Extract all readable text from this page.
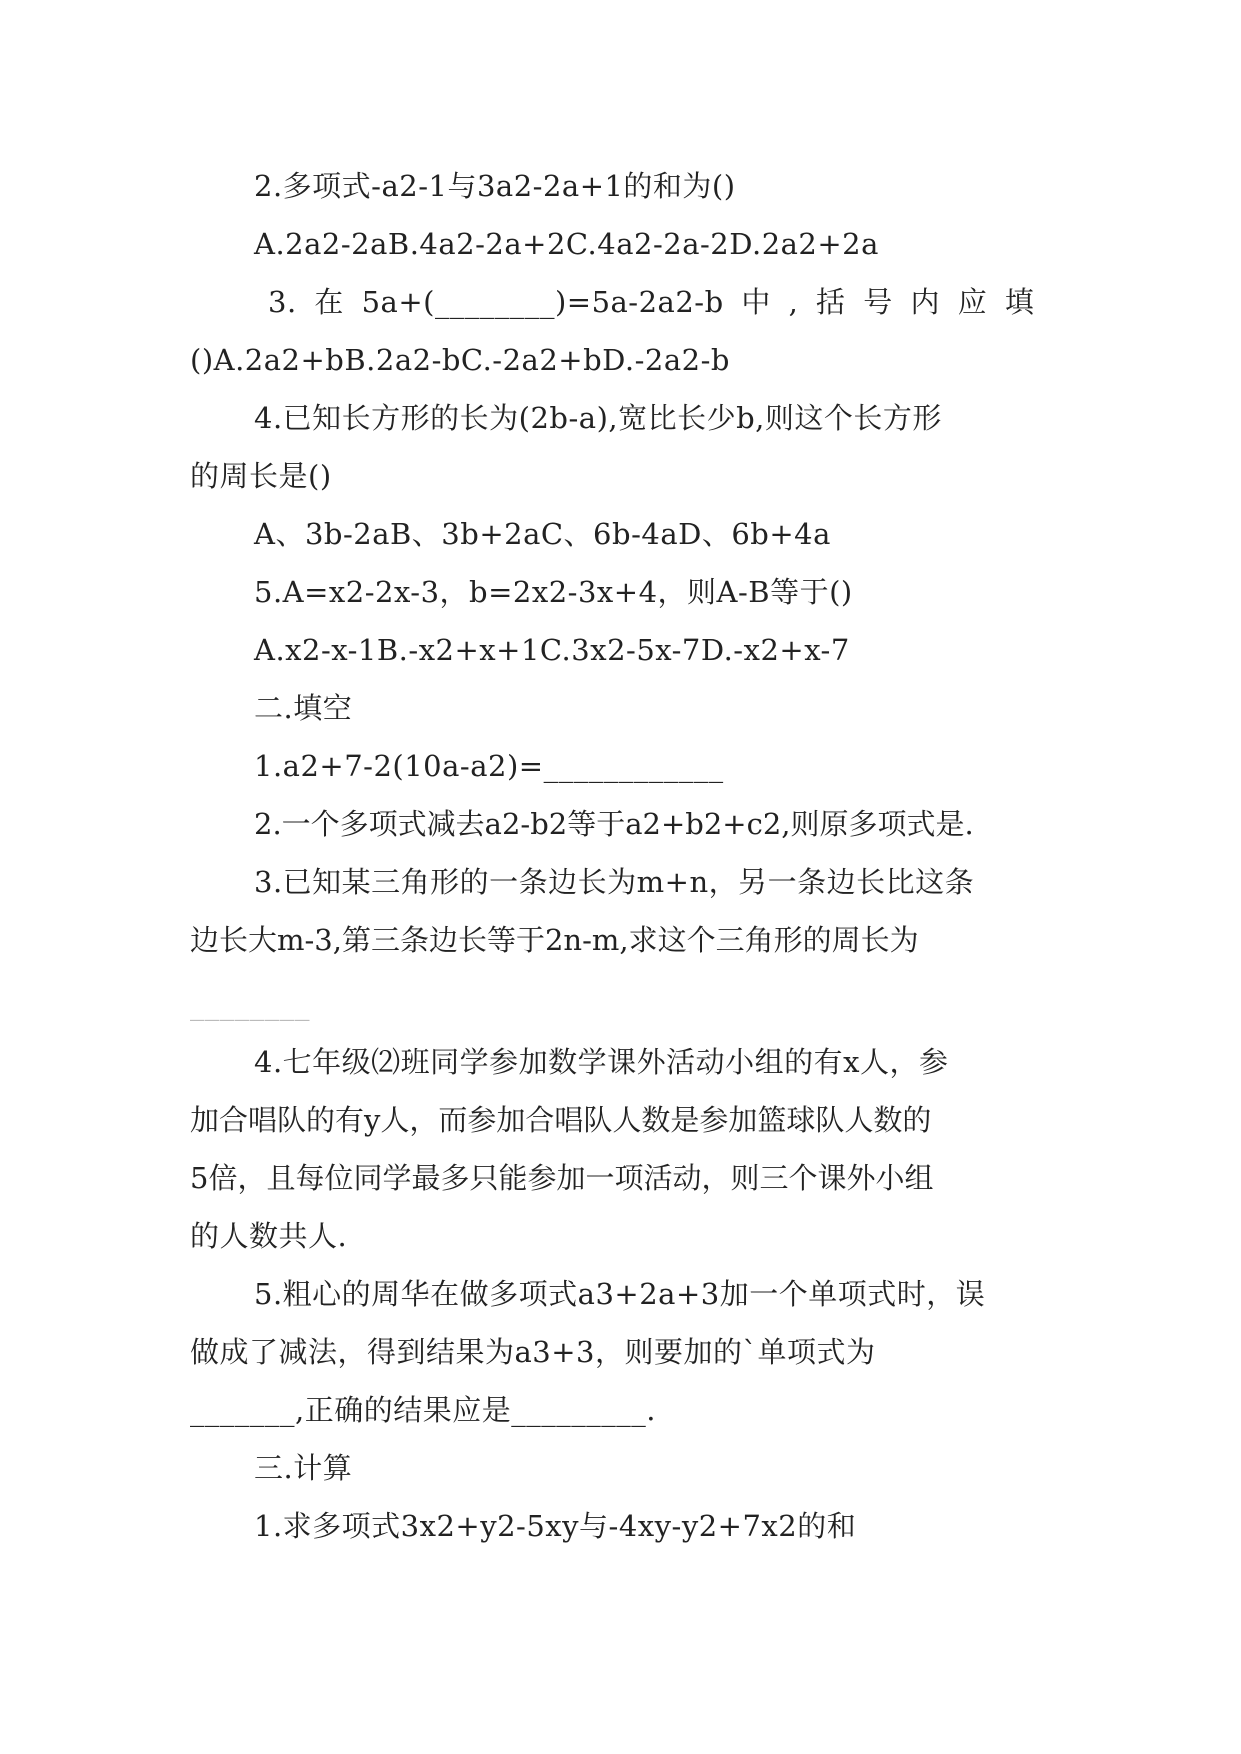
2.多项式-a2-1与3a2-2a+1的和为()
A.2a2-2aB.4a2-2a+2C.4a2-2a-2D.2a2+2a
3. 在 5a+(________)=5a-2a2-b 中 , 括 号 内 应 填
()A.2a2+bB.2a2-bC.-2a2+bD.-2a2-b
4.已知长方形的长为(2b-a),宽比长少b,则这个长方形
的周长是()
A、3b-2aB、3b+2aC、6b-4aD、6b+4a
5.A=x2-2x-3，b=2x2-3x+4，则A-B等于()
A.x2-x-1B.-x2+x+1C.3x2-5x-7D.-x2+x-7
二.填空
1.a2+7-2(10a-a2)=____________
2.一个多项式减去a2-b2等于a2+b2+c2,则原多项式是.
3.已知某三角形的一条边长为m+n，另一条边长比这条
边长大m-3,第三条边长等于2n-m,求这个三角形的周长为
________
4.七年级⑵班同学参加数学课外活动小组的有x人，参
加合唱队的有y人，而参加合唱队人数是参加篮球队人数的
5倍，且每位同学最多只能参加一项活动，则三个课外小组
的人数共人.
5.粗心的周华在做多项式a3+2a+3加一个单项式时，误
做成了减法，得到结果为a3+3，则要加的`单项式为
_______,正确的结果应是_________.
三.计算
1.求多项式3x2+y2-5xy与-4xy-y2+7x2的和
